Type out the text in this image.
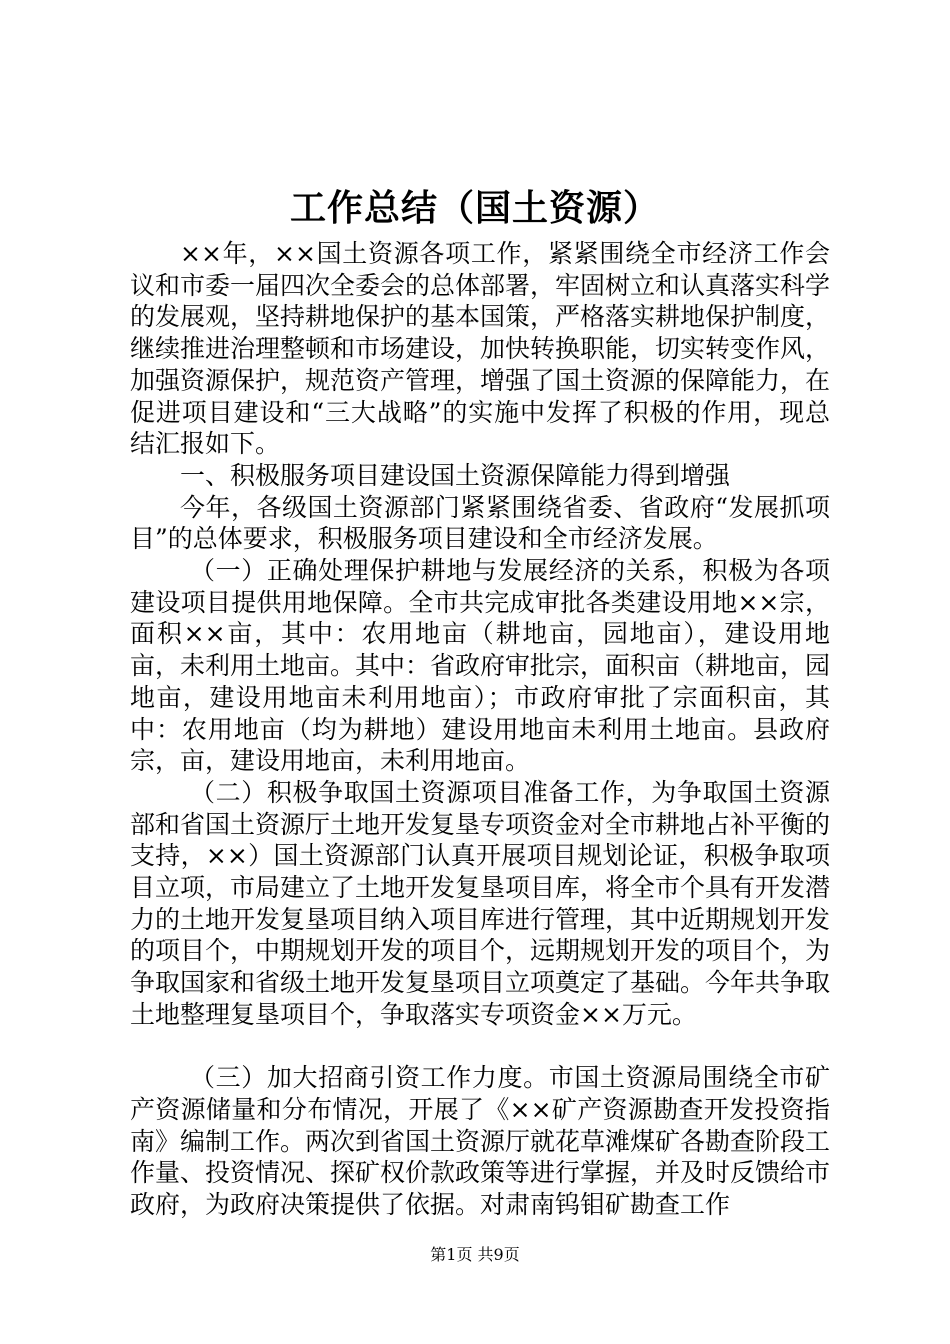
工作总结（国土资源）

××年，××国土资源各项工作，紧紧围绕全市经济工作会议和市委一届四次全委会的总体部署，牢固树立和认真落实科学的发展观，坚持耕地保护的基本国策，严格落实耕地保护制度，继续推进治理整顿和市场建设，加快转换职能，切实转变作风，加强资源保护，规范资产管理，增强了国土资源的保障能力，在促进项目建设和“三大战略”的实施中发挥了积极的作用，现总结汇报如下。

一、积极服务项目建设国土资源保障能力得到增强

今年，各级国土资源部门紧紧围绕省委、省政府“发展抓项目”的总体要求，积极服务项目建设和全市经济发展。

（一）正确处理保护耕地与发展经济的关系，积极为各项建设项目提供用地保障。全市共完成审批各类建设用地××宗，面积××亩，其中：农用地亩（耕地亩，园地亩），建设用地亩，未利用土地亩。其中：省政府审批宗，面积亩（耕地亩，园地亩，建设用地亩未利用地亩）；市政府审批了宗面积亩，其中：农用地亩（均为耕地）建设用地亩未利用土地亩。县政府宗，亩，建设用地亩，未利用地亩。

（二）积极争取国土资源项目准备工作，为争取国土资源部和省国土资源厅土地开发复垦专项资金对全市耕地占补平衡的支持，××）国土资源部门认真开展项目规划论证，积极争取项目立项，市局建立了土地开发复垦项目库，将全市个具有开发潜力的土地开发复垦项目纳入项目库进行管理，其中近期规划开发的项目个，中期规划开发的项目个，远期规划开发的项目个，为争取国家和省级土地开发复垦项目立项奠定了基础。今年共争取土地整理复垦项目个，争取落实专项资金××万元。

（三）加大招商引资工作力度。市国土资源局围绕全市矿产资源储量和分布情况，开展了《××矿产资源勘查开发投资指南》编制工作。两次到省国土资源厅就花草滩煤矿各勘查阶段工作量、投资情况、探矿权价款政策等进行掌握，并及时反馈给市政府，为政府决策提供了依据。对肃南钨钼矿勘查工作

第1页 共9页
